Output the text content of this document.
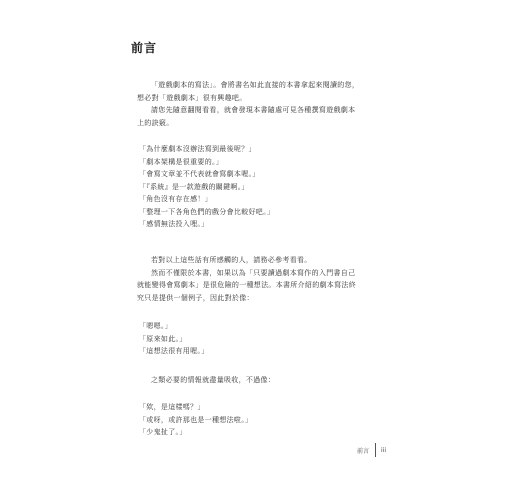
前言
「遊戲劇本的寫法」。會將書名如此直接的本書拿起來閱讀的您，
想必對「遊戲劇本」很有興趣吧。
請您先隨意翻閱看看，就會發現本書隨處可見各種撰寫遊戲劇本
上的訣竅。
「為什麼劇本沒辦法寫到最後呢？」
「劇本架構是很重要的。」
「會寫文章並不代表就會寫劇本喔。」
「『系統』是一款遊戲的關鍵啊。」
「角色沒有存在感！」
「整理一下各角色們的戲分會比較好吧。」
「感情無法投入哩。」
若對以上這些話有所感觸的人，請務必參考看看。
然而不僅限於本書，如果以為「只要讀過劇本寫作的入門書自己
就能變得會寫劇本」是很危險的一種想法。本書所介紹的劇本寫法終
究只是提供一個例子，因此對於像：
「嗯嗯。」
「原來如此。」
「這想法很有用喔。」
之類必要的情報就盡量吸收，不過像：
「欸，是這樣嗎？」
「或呀，或許那也是一種想法啦。」
「少鬼扯了。」
前言 iii
